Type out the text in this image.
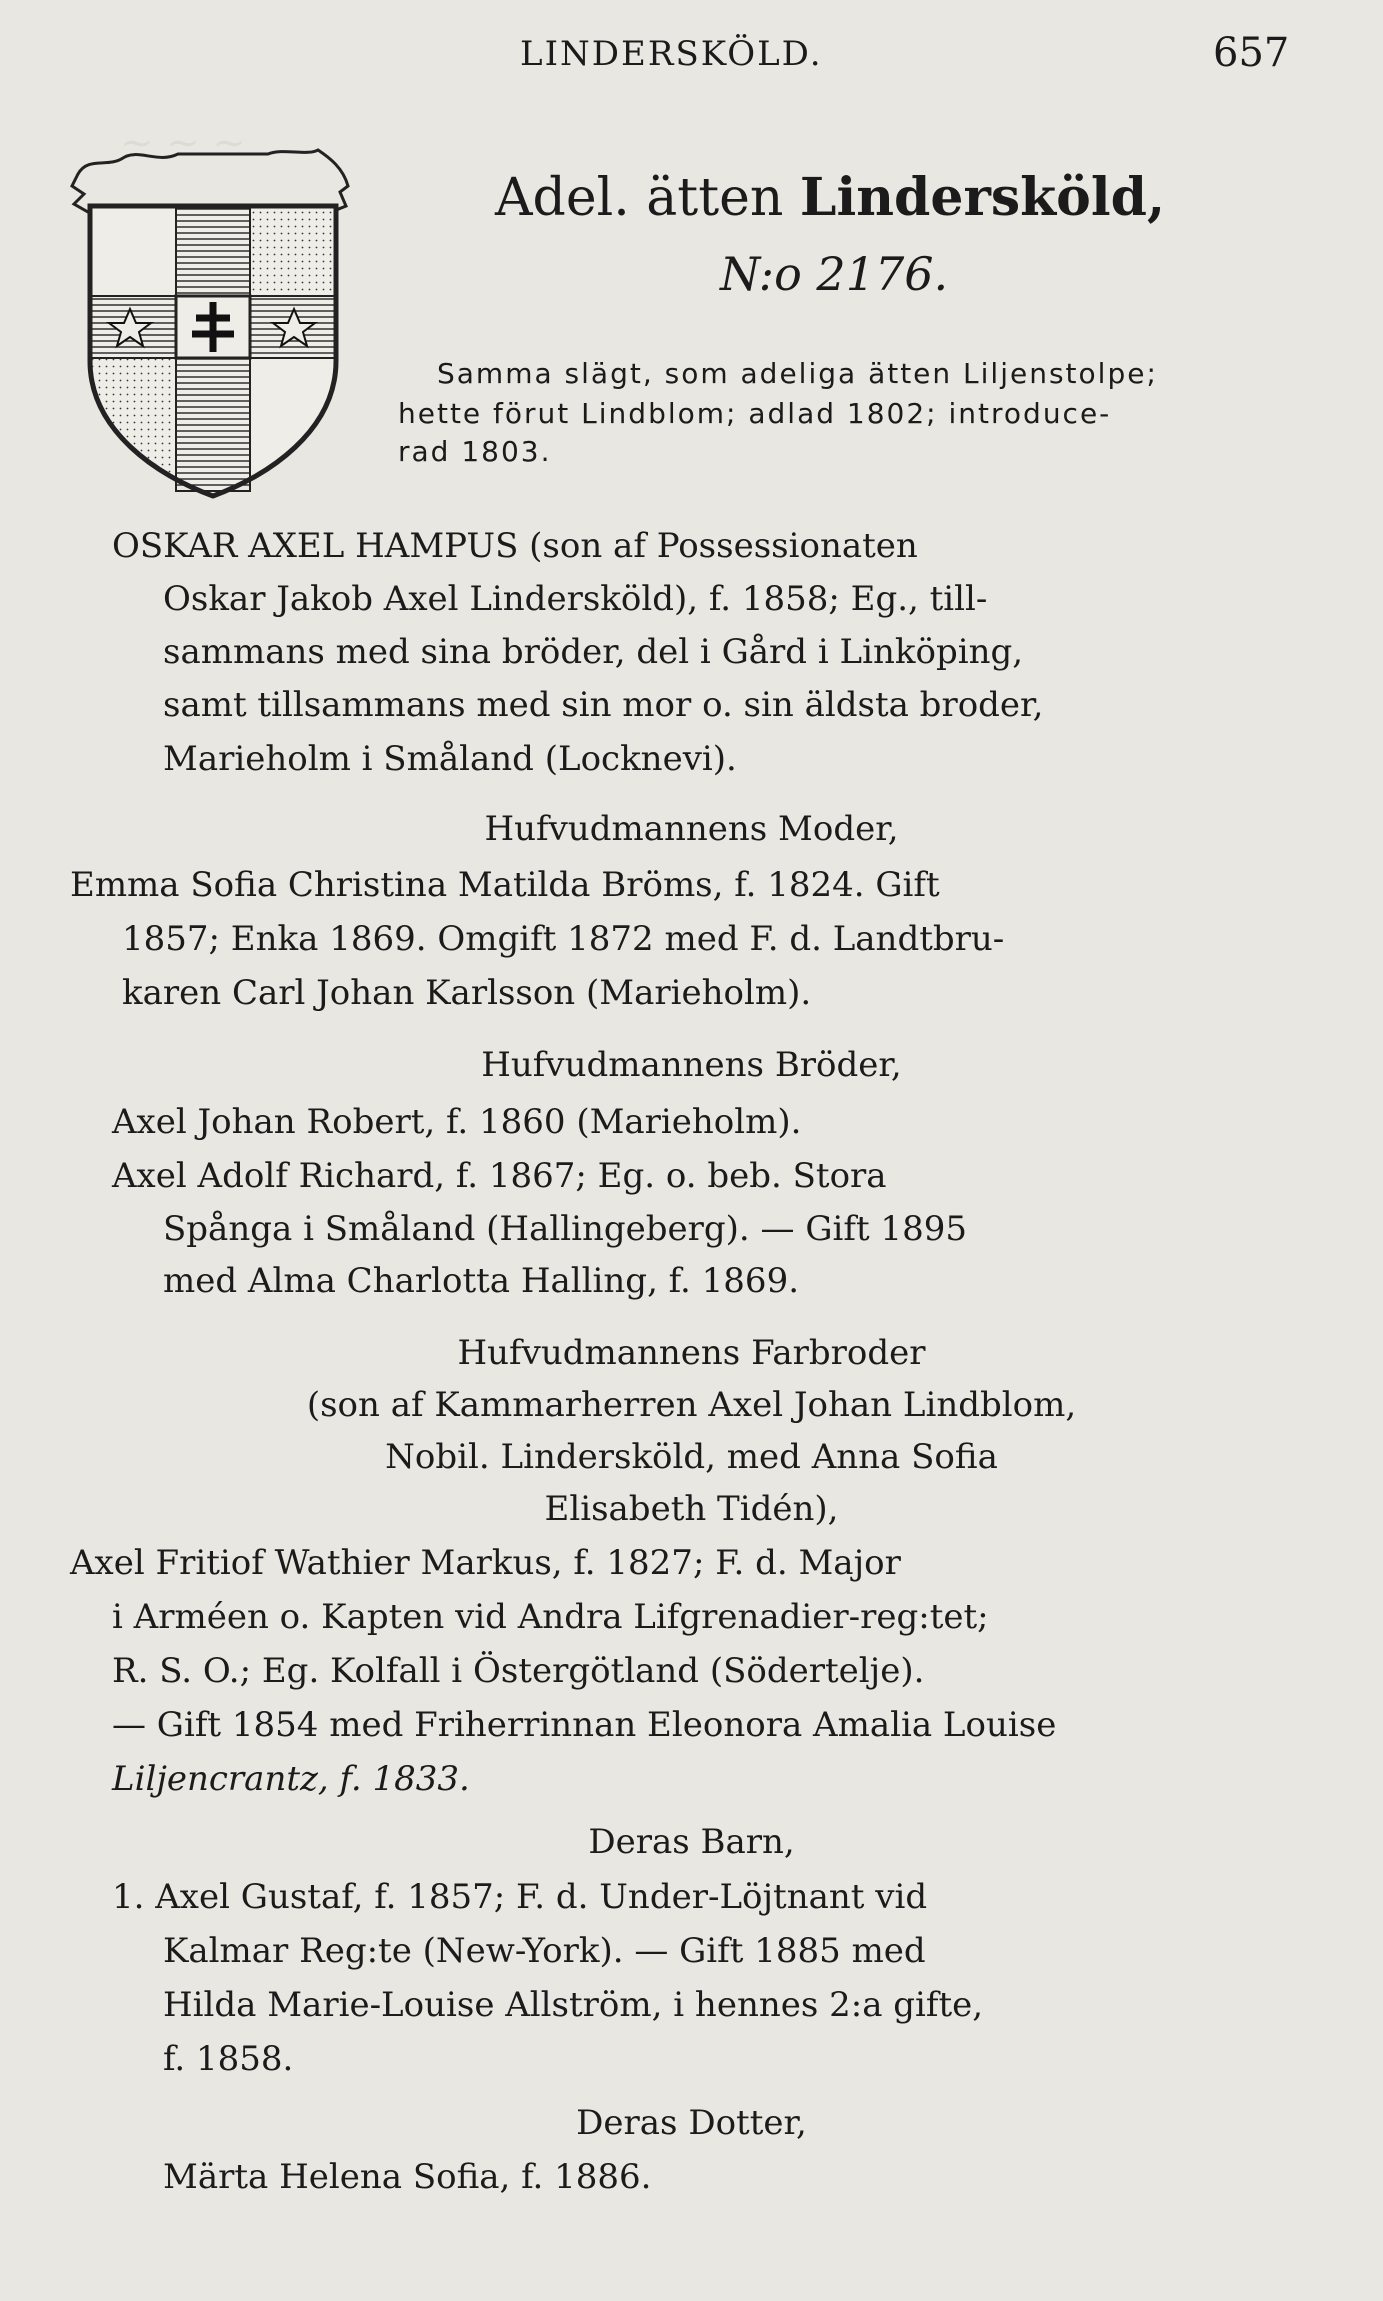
~ ~ ~
LINDERSKÖLD.	657
Adel. ätten Lindersköld,
N:o 2176.
Samma slägt, som adeliga ätten Liljenstolpe;
hette förut Lindblom; adlad 1802; introduce-
rad 1803.
OSKAR AXEL HAMPUS (son af Possessionaten
Oskar Jakob Axel Lindersköld), f. 1858; Eg., till-
sammans med sina bröder, del i Gård i Linköping,
samt tillsammans med sin mor o. sin äldsta broder,
Marieholm i Småland (Locknevi).
Hufvudmannens Moder,
Emma Sofia Christina Matilda Bröms, f. 1824. Gift
1857; Enka 1869. Omgift 1872 med F. d. Landtbru-
karen Carl Johan Karlsson (Marieholm).
Hufvudmannens Bröder,
Axel Johan Robert, f. 1860 (Marieholm).
Axel Adolf Richard, f. 1867; Eg. o. beb. Stora
Spånga i Småland (Hallingeberg). — Gift 1895
med Alma Charlotta Halling, f. 1869.
Hufvudmannens Farbroder
(son af Kammarherren Axel Johan Lindblom,
Nobil. Lindersköld, med Anna Sofia
Elisabeth Tidén),
Axel Fritiof Wathier Markus, f. 1827; F. d. Major
i Arméen o. Kapten vid Andra Lifgrenadier-reg:tet;
R. S. O.; Eg. Kolfall i Östergötland (Södertelje).
— Gift 1854 med Friherrinnan Eleonora Amalia Louise
Liljencrantz, f. 1833.
Deras Barn,
1. Axel Gustaf, f. 1857; F. d. Under-Löjtnant vid
Kalmar Reg:te (New-York). — Gift 1885 med
Hilda Marie-Louise Allström, i hennes 2:a gifte,
f. 1858.
Deras Dotter,
Märta Helena Sofia, f. 1886.
